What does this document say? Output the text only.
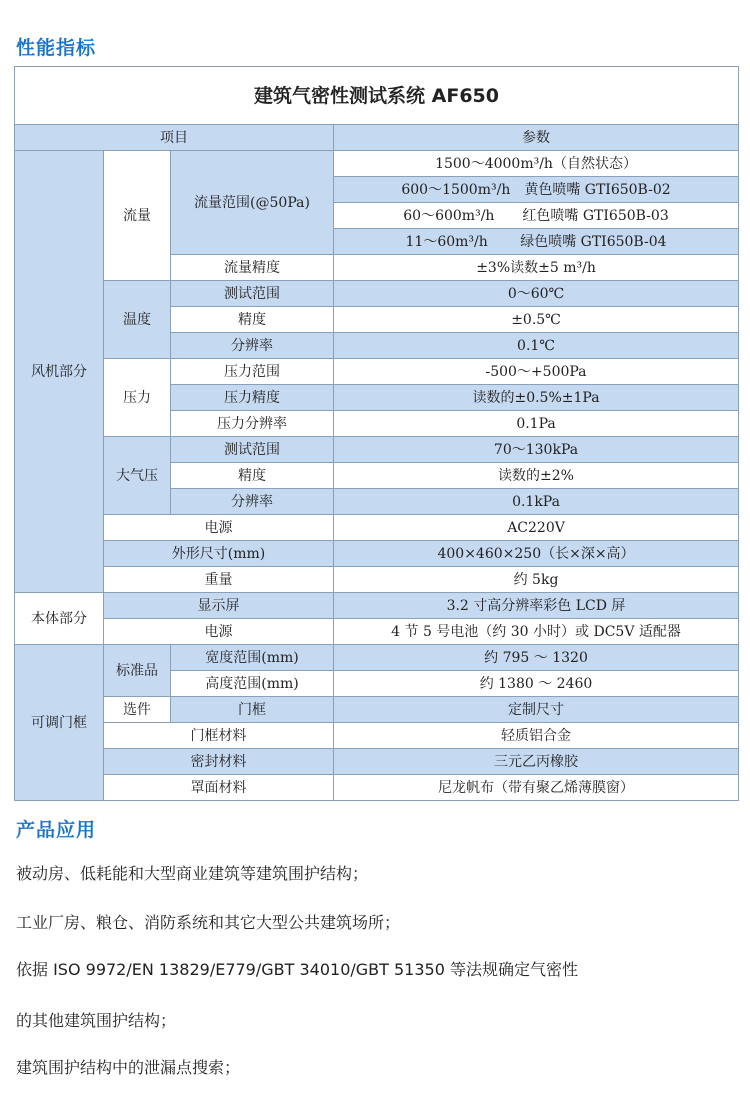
性能指标
建筑气密性测试系统 AF650			
项目			参数
风机部分	流量	流量范围(@50Pa)	1500～4000m³/h（自然状态）
			600～1500m³/h　黄色喷嘴 GTI650B-02
			60～600m³/h　　红色喷嘴 GTI650B-03
			11～60m³/h　　 绿色喷嘴 GTI650B-04
		流量精度	±3%读数±5 m³/h
	温度	测试范围	0～60℃
		精度	±0.5℃
		分辨率	0.1℃
	压力	压力范围	-500～+500Pa
		压力精度	读数的±0.5%±1Pa
		压力分辨率	0.1Pa
	大气压	测试范围	70～130kPa
		精度	读数的±2%
		分辨率	0.1kPa
	电源		AC220V
	外形尺寸(mm)		400×460×250（长×深×高）
	重量		约 5kg
本体部分	显示屏		3.2 寸高分辨率彩色 LCD 屏
	电源		4 节 5 号电池（约 30 小时）或 DC5V 适配器
可调门框	标准品	宽度范围(mm)	约 795 ～ 1320
		高度范围(mm)	约 1380 ～ 2460
	选件	门框	定制尺寸
	门框材料		轻质铝合金
	密封材料		三元乙丙橡胶
	罩面材料		尼龙帆布（带有聚乙烯薄膜窗）
产品应用
被动房、低耗能和大型商业建筑等建筑围护结构；
工业厂房、粮仓、消防系统和其它大型公共建筑场所；
依据 ISO 9972/EN 13829/E779/GBT 34010/GBT 51350 等法规确定气密性
的其他建筑围护结构；
建筑围护结构中的泄漏点搜索；
